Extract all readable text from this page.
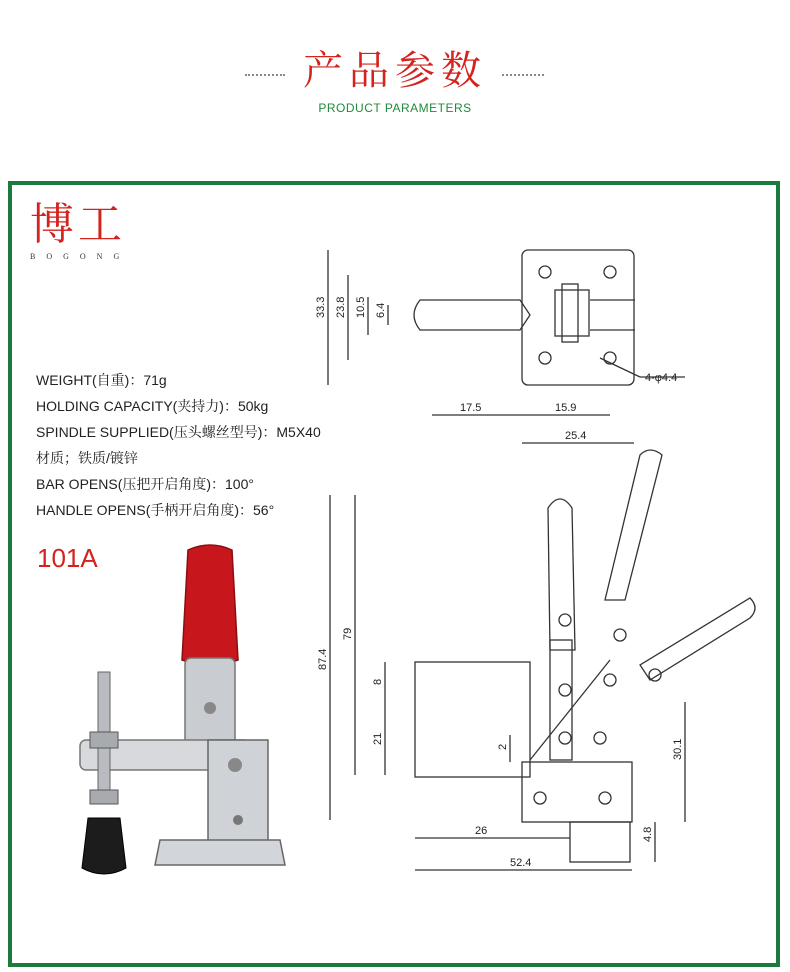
产品参数
PRODUCT PARAMETERS
博工
BOGONG
WEIGHT(自重)：71g
HOLDING CAPACITY(夹持力)：50kg
SPINDLE SUPPLIED(压头螺丝型号)：M5X40
材质；铁质/镀锌
BAR OPENS(压把开启角度)：100°
HANDLE OPENS(手柄开启角度)：56°
101A
33.3 23.8 10.5 6.4
17.5	15.9
25.4
4-φ4.4
87.4
79
8
21
2	30.1
26	4.8
52.4
